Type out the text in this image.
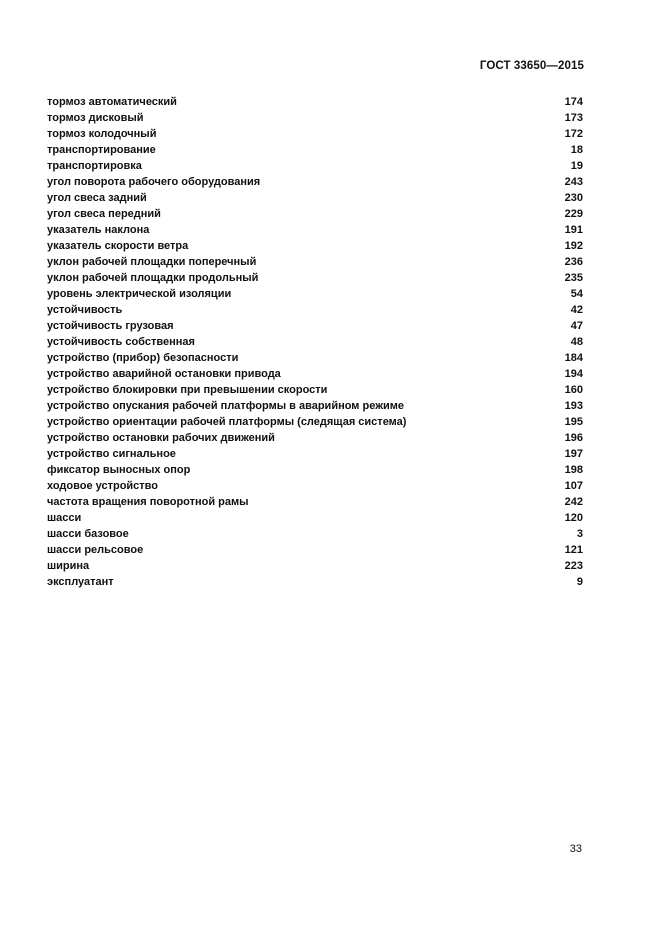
ГОСТ 33650—2015
тормоз автоматический	174
тормоз дисковый	173
тормоз колодочный	172
транспортирование	18
транспортировка	19
угол поворота рабочего оборудования	243
угол свеса задний	230
угол свеса передний	229
указатель наклона	191
указатель скорости ветра	192
уклон рабочей площадки поперечный	236
уклон рабочей площадки продольный	235
уровень электрической изоляции	54
устойчивость	42
устойчивость грузовая	47
устойчивость собственная	48
устройство (прибор) безопасности	184
устройство аварийной остановки привода	194
устройство блокировки при превышении скорости	160
устройство опускания рабочей платформы в аварийном режиме	193
устройство ориентации рабочей платформы (следящая система)	195
устройство остановки рабочих движений	196
устройство сигнальное	197
фиксатор выносных опор	198
ходовое устройство	107
частота вращения поворотной рамы	242
шасси	120
шасси базовое	3
шасси рельсовое	121
ширина	223
эксплуатант	9
33
